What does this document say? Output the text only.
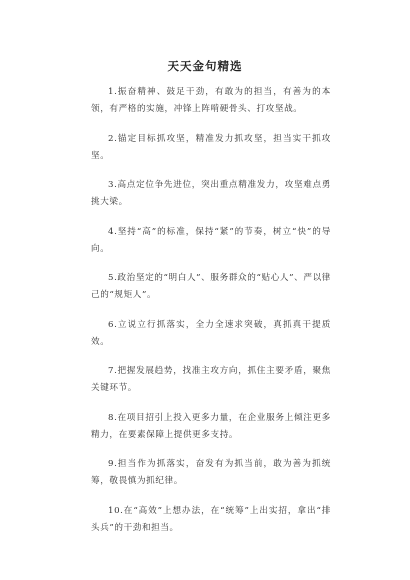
天天金句精选

1.振奋精神、鼓足干劲，有敢为的担当，有善为的本领，有严格的实施，冲锋上阵啃硬骨头、打攻坚战。

2.锚定目标抓攻坚，精准发力抓攻坚，担当实干抓攻坚。

3.高点定位争先进位，突出重点精准发力，攻坚难点勇挑大梁。

4.坚持“高”的标准，保持“紧”的节奏，树立“快”的导向。

5.政治坚定的“明白人”、服务群众的“贴心人”、严以律己的“规矩人”。

6.立说立行抓落实，全力全速求突破，真抓真干提质效。

7.把握发展趋势，找准主攻方向，抓住主要矛盾，聚焦关键环节。

8.在项目招引上投入更多力量，在企业服务上倾注更多精力，在要素保障上提供更多支持。

9.担当作为抓落实，奋发有为抓当前，敢为善为抓统筹，敬畏慎为抓纪律。

10.在“高效”上想办法，在“统筹”上出实招，拿出“排头兵”的干劲和担当。
